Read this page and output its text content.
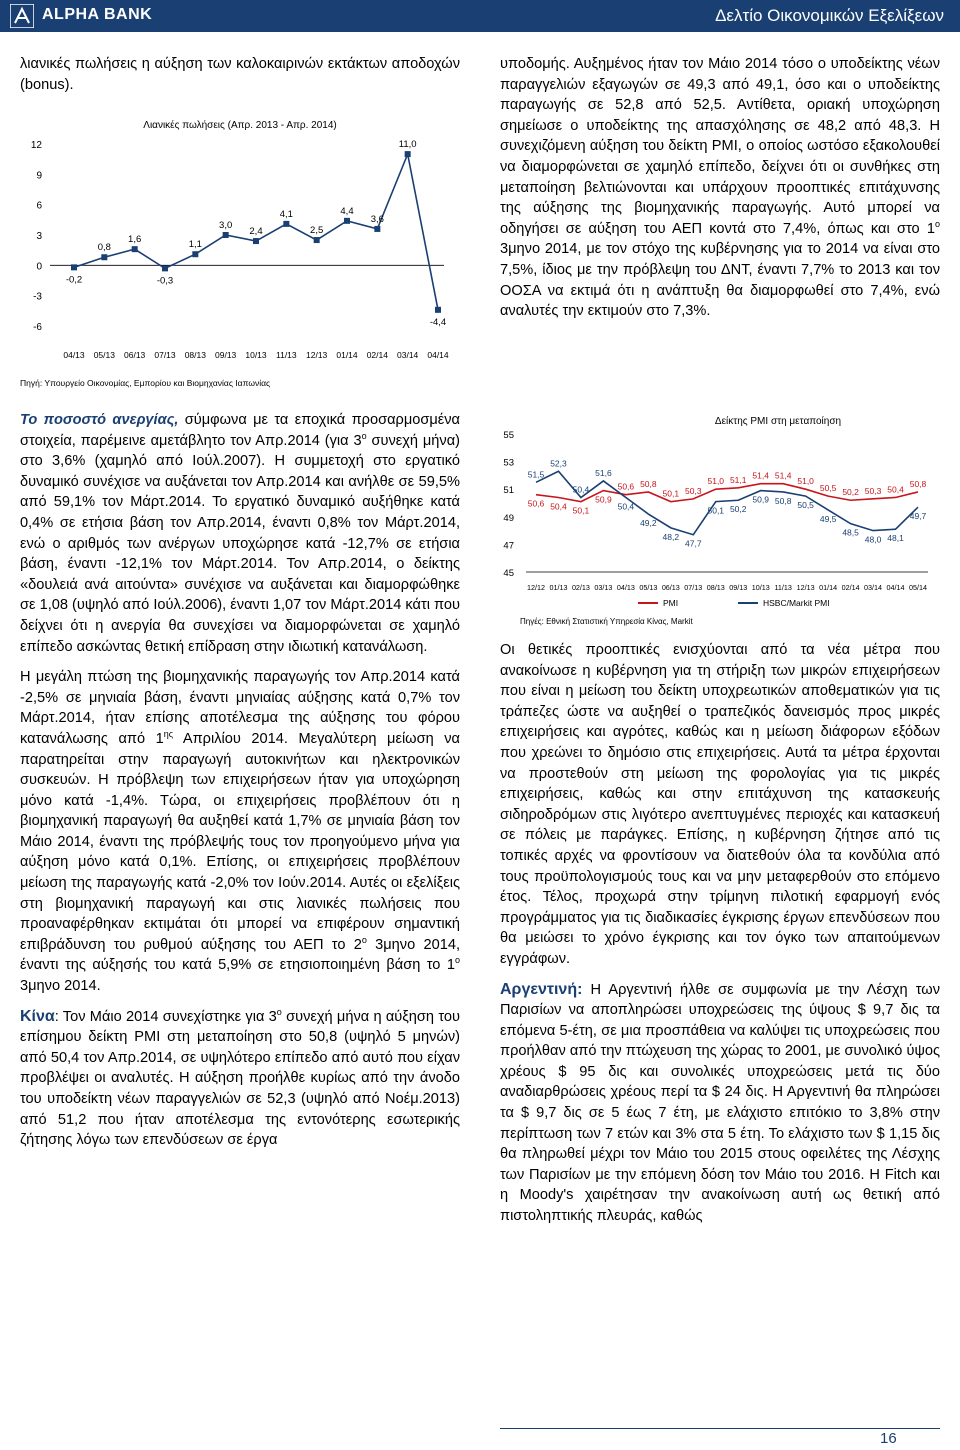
ALPHA BANK	Δελτίο Οικονομικών Εξελίξεων

λιανικές πωλήσεις η αύξηση των καλοκαιρινών εκτάκτων αποδοχών (bonus).

Λιανικές πωλήσεις (Απρ. 2013 - Απρ. 2014)
12
9
6
3
0
-3
-6
-0,2
04/13
0,8
05/13
1,6
06/13
-0,3
07/13
1,1
08/13
3,0
09/13
2,4
10/13
4,1
11/13
2,5
12/13
4,4
01/14
3,6
02/14
11,0
03/14
-4,4
04/14
Πηγή: Υπουργείο Οικονομίας, Εμπορίου και Βιομηχανίας Ιαπωνίας

Το ποσοστό ανεργίας, σύμφωνα με τα εποχικά προσαρμοσμένα στοιχεία, παρέμεινε αμετάβλητο τον Απρ.2014 (για $3^o$ συνεχή μήνα) στο 3,6% (χαμηλό από Ιούλ.2007). Η συμμετοχή στο εργατικό δυναμικό συνέχισε να αυξάνεται τον Απρ.2014 και ανήλθε σε 59,5% από 59,1% τον Μάρτ.2014. Το εργατικό δυναμικό αυξήθηκε κατά 0,4% σε ετήσια βάση τον Απρ.2014, έναντι 0,8% τον Μάρτ.2014, ενώ ο αριθμός των ανέργων υποχώρησε κατά -12,7% σε ετήσια βάση, έναντι -12,1% τον Μάρτ.2014. Τον Απρ.2014, ο δείκτης «δουλειά ανά αιτούντα» συνέχισε να αυξάνεται και διαμορφώθηκε σε 1,08 (υψηλό από Ιούλ.2006), έναντι 1,07 τον Μάρτ.2014 κάτι που δείχνει ότι η ανεργία θα συνεχίσει να διαμορφώνεται σε χαμηλό επίπεδο ασκώντας θετική επίδραση στην ιδιωτική κατανάλωση.

Η μεγάλη πτώση της βιομηχανικής παραγωγής τον Απρ.2014 κατά -2,5% σε μηνιαία βάση, έναντι μηνιαίας αύξησης κατά 0,7% τον Μάρτ.2014, ήταν επίσης αποτέλεσμα της αύξησης του φόρου κατανάλωσης από $1^{\eta\varsigma}$ Απριλίου 2014. Μεγαλύτερη μείωση να παρατηρείται στην παραγωγή αυτοκινήτων και ηλεκτρονικών συσκευών. Η πρόβλεψη των επιχειρήσεων ήταν για υποχώρηση μόνο κατά -1,4%. Τώρα, οι επιχειρήσεις προβλέπουν ότι η βιομηχανική παραγωγή θα αυξηθεί κατά 1,7% σε μηνιαία βάση τον Μάιο 2014, έναντι της πρόβλεψής τους τον προηγούμενο μήνα για αύξηση μόνο κατά 0,1%. Επίσης, οι επιχειρήσεις προβλέπουν μείωση της παραγωγής κατά -2,0% τον Ιούν.2014. Αυτές οι εξελίξεις στη βιομηχανική παραγωγή και στις λιανικές πωλήσεις που προαναφέρθηκαν εκτιμάται ότι μπορεί να επιφέρουν σημαντική επιβράδυνση του ρυθμού αύξησης του ΑΕΠ το $2^o$ 3μηνο 2014, έναντι της αύξησής του κατά 5,9% σε ετησιοποιημένη βάση το $1^o$ 3μηνο 2014.

Κίνα: Τον Μάιο 2014 συνεχίστηκε για $3^o$ συνεχή μήνα η αύξηση του επίσημου δείκτη PMI στη μεταποίηση στο 50,8 (υψηλό 5 μηνών) από 50,4 τον Απρ.2014, σε υψηλότερο επίπεδο από αυτό που είχαν προβλέψει οι αναλυτές. Η αύξηση προήλθε κυρίως από την άνοδο του υποδείκτη νέων παραγγελιών σε 52,3 (υψηλό από Νοέμ.2013) από 51,2 που ήταν αποτέλεσμα της εντονότερης εσωτερικής ζήτησης λόγω των επενδύσεων σε έργα

υποδομής. Αυξημένος ήταν τον Μάιο 2014 τόσο ο υποδείκτης νέων παραγγελιών εξαγωγών σε 49,3 από 49,1, όσο και ο υποδείκτης παραγωγής σε 52,8 από 52,5. Αντίθετα, οριακή υποχώρηση σημείωσε ο υποδείκτης της απασχόλησης σε 48,2 από 48,3. Η συνεχιζόμενη αύξηση του δείκτη PMI, ο οποίος ωστόσο εξακολουθεί να διαμορφώνεται σε χαμηλό επίπεδο, δείχνει ότι οι συνθήκες στη μεταποίηση βελτιώνονται και υπάρχουν προοπτικές επιτάχυνσης της αύξησης της βιομηχανικής παραγωγής. Αυτό μπορεί να οδηγήσει σε αύξηση του ΑΕΠ κοντά στο 7,4%, όπως και στο $1^o$ 3μηνο 2014, με τον στόχο της κυβέρνησης για το 2014 να είναι στο 7,5%, ίδιος με την πρόβλεψη του ΔΝΤ, έναντι 7,7% το 2013 και τον ΟΟΣΑ να εκτιμά ότι η ανάπτυξη θα διαμορφωθεί στο 7,4%, ενώ αναλυτές την εκτιμούν στο 7,3%.

Δείκτης PMI στη μεταποίηση
55
53
51
49
47
45
50,6 50,4 50,1
50,9
50,6 50,8
50,1 50,3
51,0 51,1 51,4 51,4
51,0
50,5 50,2 50,3 50,4
50,8
51,5
52,3
50,4
51,6
50,4
49,2
48,2
47,7
50,1 50,2
50,9 50,8 50,5
49,5
48,5
48,0 48,1
49,7
12/12 01/13 02/13 03/13 04/13 05/13 06/13 07/13 08/13 09/13 10/13 11/13 12/13 01/14 02/14 03/14 04/14 05/14
PMI	HSBC/Markit PMI
Πηγές: Εθνική Στατιστική Υπηρεσία Κίνας, Markit

Οι θετικές προοπτικές ενισχύονται από τα νέα μέτρα που ανακοίνωσε η κυβέρνηση για τη στήριξη των μικρών επιχειρήσεων που είναι η μείωση του δείκτη υποχρεωτικών αποθεματικών για τις τράπεζες ώστε να αυξηθεί ο τραπεζικός δανεισμός προς μικρές επιχειρήσεις και αγρότες, καθώς και η μείωση διάφορων εξόδων που χρεώνει το δημόσιο στις επιχειρήσεις. Αυτά τα μέτρα έρχονται να προστεθούν στη μείωση της φορολογίας για τις μικρές επιχειρήσεις, καθώς και στην επιτάχυνση της κατασκευής σιδηροδρόμων στις λιγότερο ανεπτυγμένες περιοχές και κατασκευή σε πόλεις με παράγκες. Επίσης, η κυβέρνηση ζήτησε από τις τοπικές αρχές να φροντίσουν να διατεθούν όλα τα κονδύλια από τους προϋπολογισμούς τους και να μην μεταφερθούν στο επόμενο έτος. Τέλος, προχωρά στην τρίμηνη πιλοτική εφαρμογή ενός προγράμματος για τις διαδικασίες έγκρισης έργων επενδύσεων που θα μειώσει το χρόνο έγκρισης και τον όγκο των απαιτούμενων εγγράφων.

Αργεντινή: Η Αργεντινή ήλθε σε συμφωνία με την Λέσχη των Παρισίων να αποπληρώσει υποχρεώσεις της ύψους $ 9,7 δις τα επόμενα 5-έτη, σε μια προσπάθεια να καλύψει τις υποχρεώσεις που προήλθαν από την πτώχευση της χώρας το 2001, με συνολικό ύψος χρέους $ 95 δις και συνολικές υποχρεώσεις μετά τις δύο αναδιαρθρώσεις χρέους περί τα $ 24 δις. Η Αργεντινή θα πληρώσει τα $ 9,7 δις σε 5 έως 7 έτη, με ελάχιστο επιτόκιο το 3,8% στην περίπτωση των 7 ετών και 3% στα 5 έτη. Το ελάχιστο των $ 1,15 δις θα πληρωθεί μέχρι τον Μάιο του 2015 στους οφειλέτες της Λέσχης των Παρισίων με την επόμενη δόση τον Μάιο του 2016. Η Fitch και η Moody's χαιρέτησαν την ανακοίνωση αυτή ως θετική από πιστοληπτικής πλευράς, καθώς

16
